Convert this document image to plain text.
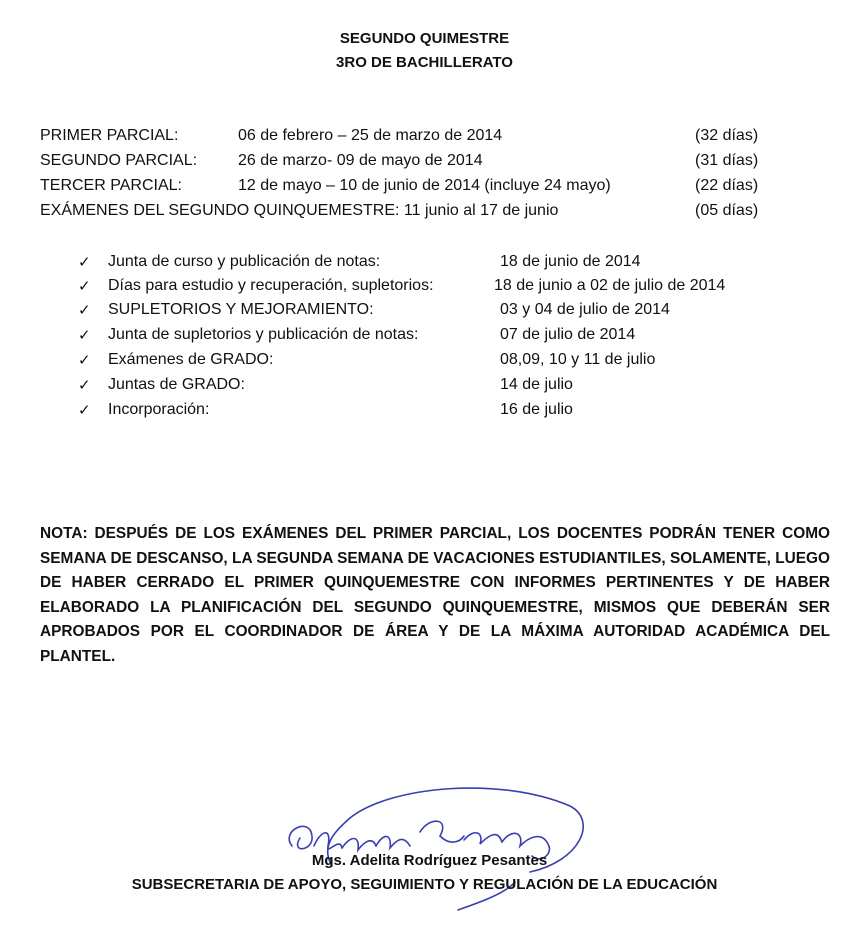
SEGUNDO QUIMESTRE
3RO DE BACHILLERATO
PRIMER PARCIAL:	06 de febrero – 25 de marzo de 2014	(32 días)
SEGUNDO PARCIAL:	26 de marzo- 09 de mayo de 2014	(31 días)
TERCER PARCIAL:	12 de mayo – 10 de junio de 2014 (incluye 24 mayo)	(22 días)
EXÁMENES DEL SEGUNDO QUINQUEMESTRE: 11 junio al 17 de junio	(05 días)
✓ Junta de curso y publicación de notas:	18 de junio de 2014
✓ Días para estudio y recuperación, supletorios:	18 de junio a 02 de julio de 2014
✓ SUPLETORIOS Y MEJORAMIENTO:	03 y 04 de julio de 2014
✓ Junta de supletorios y publicación de notas:	07 de julio de 2014
✓ Exámenes de GRADO:	08,09, 10 y 11 de julio
✓ Juntas de GRADO:	14 de julio
✓ Incorporación:	16 de julio
NOTA: DESPUÉS DE LOS EXÁMENES DEL PRIMER PARCIAL, LOS DOCENTES PODRÁN TENER COMO SEMANA DE DESCANSO, LA SEGUNDA SEMANA DE VACACIONES ESTUDIANTILES, SOLAMENTE, LUEGO DE HABER CERRADO EL PRIMER QUINQUEMESTRE CON INFORMES PERTINENTES Y DE HABER ELABORADO LA PLANIFICACIÓN DEL SEGUNDO QUINQUEMESTRE, MISMOS QUE DEBERÁN SER APROBADOS POR EL COORDINADOR DE ÁREA Y DE LA MÁXIMA AUTORIDAD ACADÉMICA DEL PLANTEL.
Mgs. Adelita Rodríguez Pesantes
SUBSECRETARIA DE APOYO, SEGUIMIENTO Y REGULACIÓN DE LA EDUCACIÓN
